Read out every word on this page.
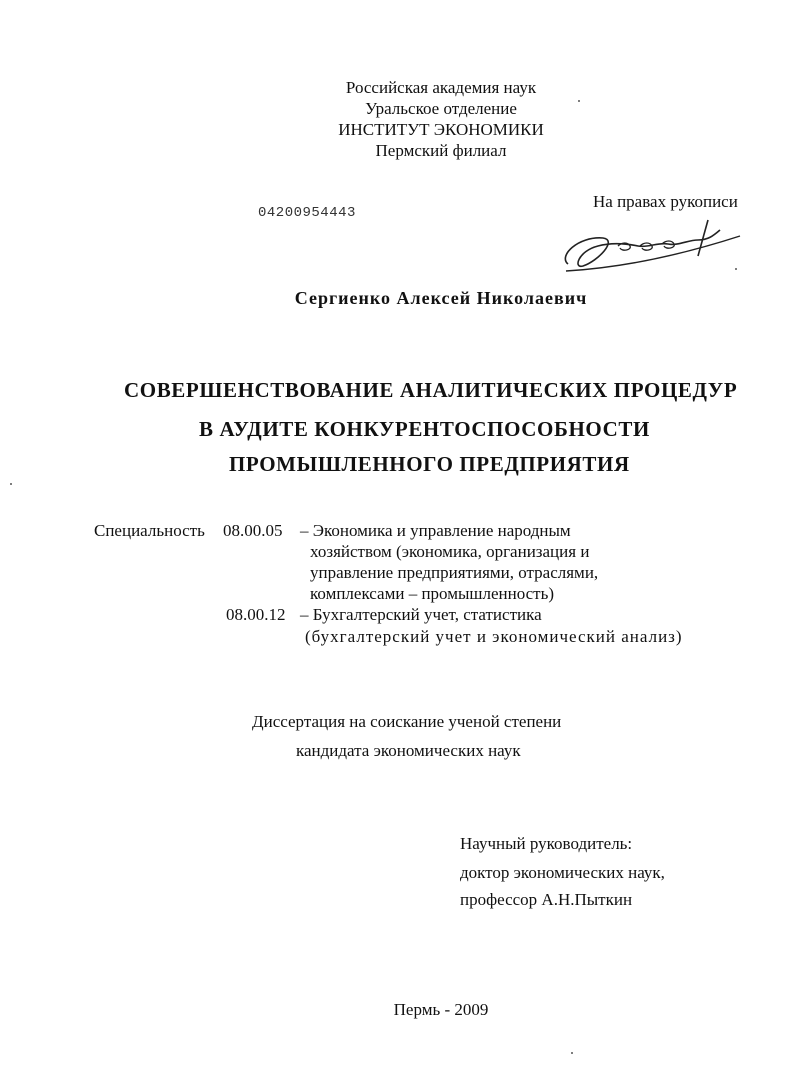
Российская академия наук
Уральское отделение
ИНСТИТУТ ЭКОНОМИКИ
Пермский филиал
04200954443
На правах рукописи
Сергиенко Алексей Николаевич
СОВЕРШЕНСТВОВАНИЕ АНАЛИТИЧЕСКИХ ПРОЦЕДУР
В АУДИТЕ КОНКУРЕНТОСПОСОБНОСТИ
ПРОМЫШЛЕННОГО ПРЕДПРИЯТИЯ
Специальность 08.00.05 – Экономика и управление народным
хозяйством (экономика, организация и
управление предприятиями, отраслями,
комплексами – промышленность)
08.00.12 – Бухгалтерский учет, статистика
(бухгалтерский учет и экономический анализ)
Диссертация на соискание ученой степени
кандидата экономических наук
Научный руководитель:
доктор экономических наук,
профессор А.Н.Пыткин
Пермь - 2009
